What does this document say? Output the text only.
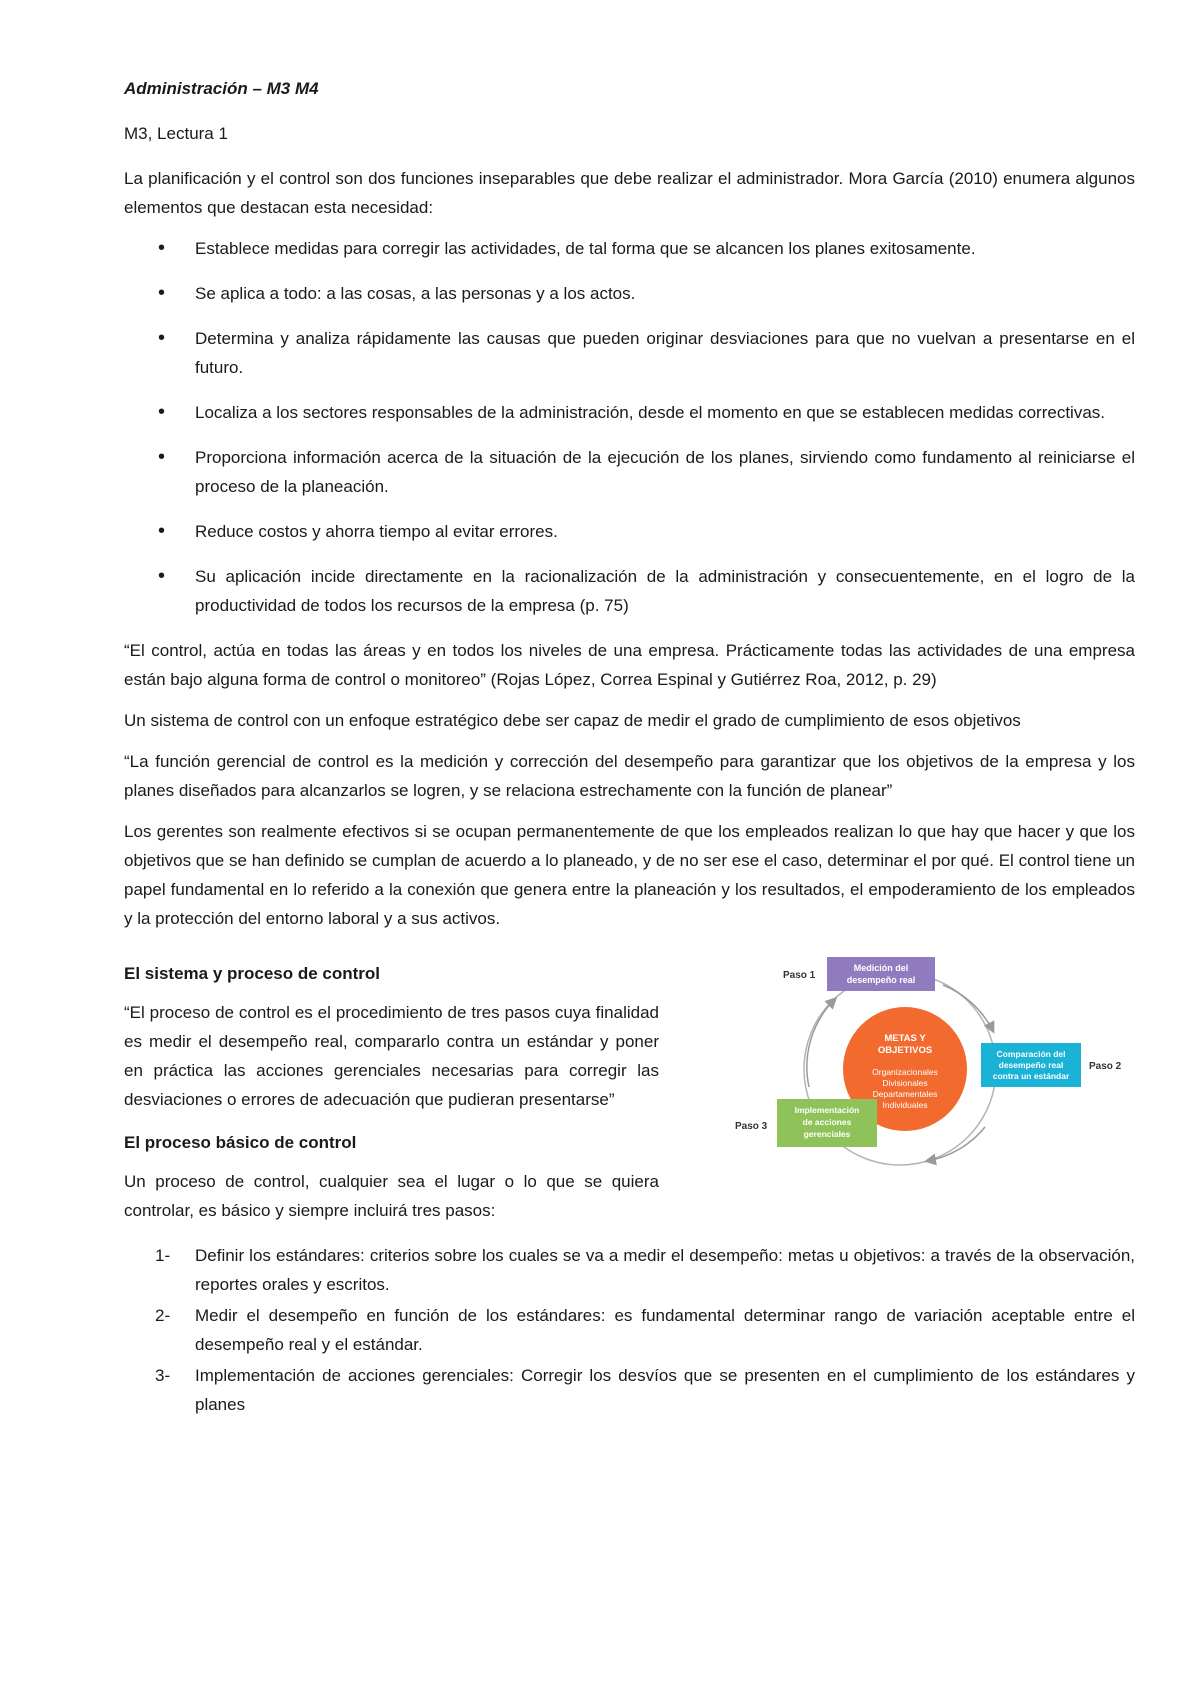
Administración – M3 M4

M3, Lectura 1

La planificación y el control son dos funciones inseparables que debe realizar el administrador. Mora García (2010) enumera algunos elementos que destacan esta necesidad:

• Establece medidas para corregir las actividades, de tal forma que se alcancen los planes exitosamente.
• Se aplica a todo: a las cosas, a las personas y a los actos.
• Determina y analiza rápidamente las causas que pueden originar desviaciones para que no vuelvan a presentarse en el futuro.
• Localiza a los sectores responsables de la administración, desde el momento en que se establecen medidas correctivas.
• Proporciona información acerca de la situación de la ejecución de los planes, sirviendo como fundamento al reiniciarse el proceso de la planeación.
• Reduce costos y ahorra tiempo al evitar errores.
• Su aplicación incide directamente en la racionalización de la administración y consecuentemente, en el logro de la productividad de todos los recursos de la empresa (p. 75)

“El control, actúa en todas las áreas y en todos los niveles de una empresa. Prácticamente todas las actividades de una empresa están bajo alguna forma de control o monitoreo” (Rojas López, Correa Espinal y Gutiérrez Roa, 2012, p. 29)

Un sistema de control con un enfoque estratégico debe ser capaz de medir el grado de cumplimiento de esos objetivos

“La función gerencial de control es la medición y corrección del desempeño para garantizar que los objetivos de la empresa y los planes diseñados para alcanzarlos se logren, y se relaciona estrechamente con la función de planear”

Los gerentes son realmente efectivos si se ocupan permanentemente de que los empleados realizan lo que hay que hacer y que los objetivos que se han definido se cumplan de acuerdo a lo planeado, y de no ser ese el caso, determinar el por qué. El control tiene un papel fundamental en lo referido a la conexión que genera entre la planeación y los resultados, el empoderamiento de los empleados y la protección del entorno laboral y a sus activos.

El sistema y proceso de control

“El proceso de control es el procedimiento de tres pasos cuya finalidad es medir el desempeño real, compararlo contra un estándar y poner en práctica las acciones gerenciales necesarias para corregir las desviaciones o errores de adecuación que pudieran presentarse”

El proceso básico de control

Un proceso de control, cualquier sea el lugar o lo que se quiera controlar, es básico y siempre incluirá tres pasos:

METAS Y
OBJETIVOS
Organizacionales
Divisionales
Departamentales
Individuales
Medición del
desempeño real
Paso 1
Comparación del
desempeño real
contra un estándar
Paso 2
Implementación
de acciones
gerenciales
Paso 3
1- Definir los estándares: criterios sobre los cuales se va a medir el desempeño: metas u objetivos: a través de la observación, reportes orales y escritos.
2- Medir el desempeño en función de los estándares: es fundamental determinar rango de variación aceptable entre el desempeño real y el estándar.
3- Implementación de acciones gerenciales: Corregir los desvíos que se presenten en el cumplimiento de los estándares y planes
